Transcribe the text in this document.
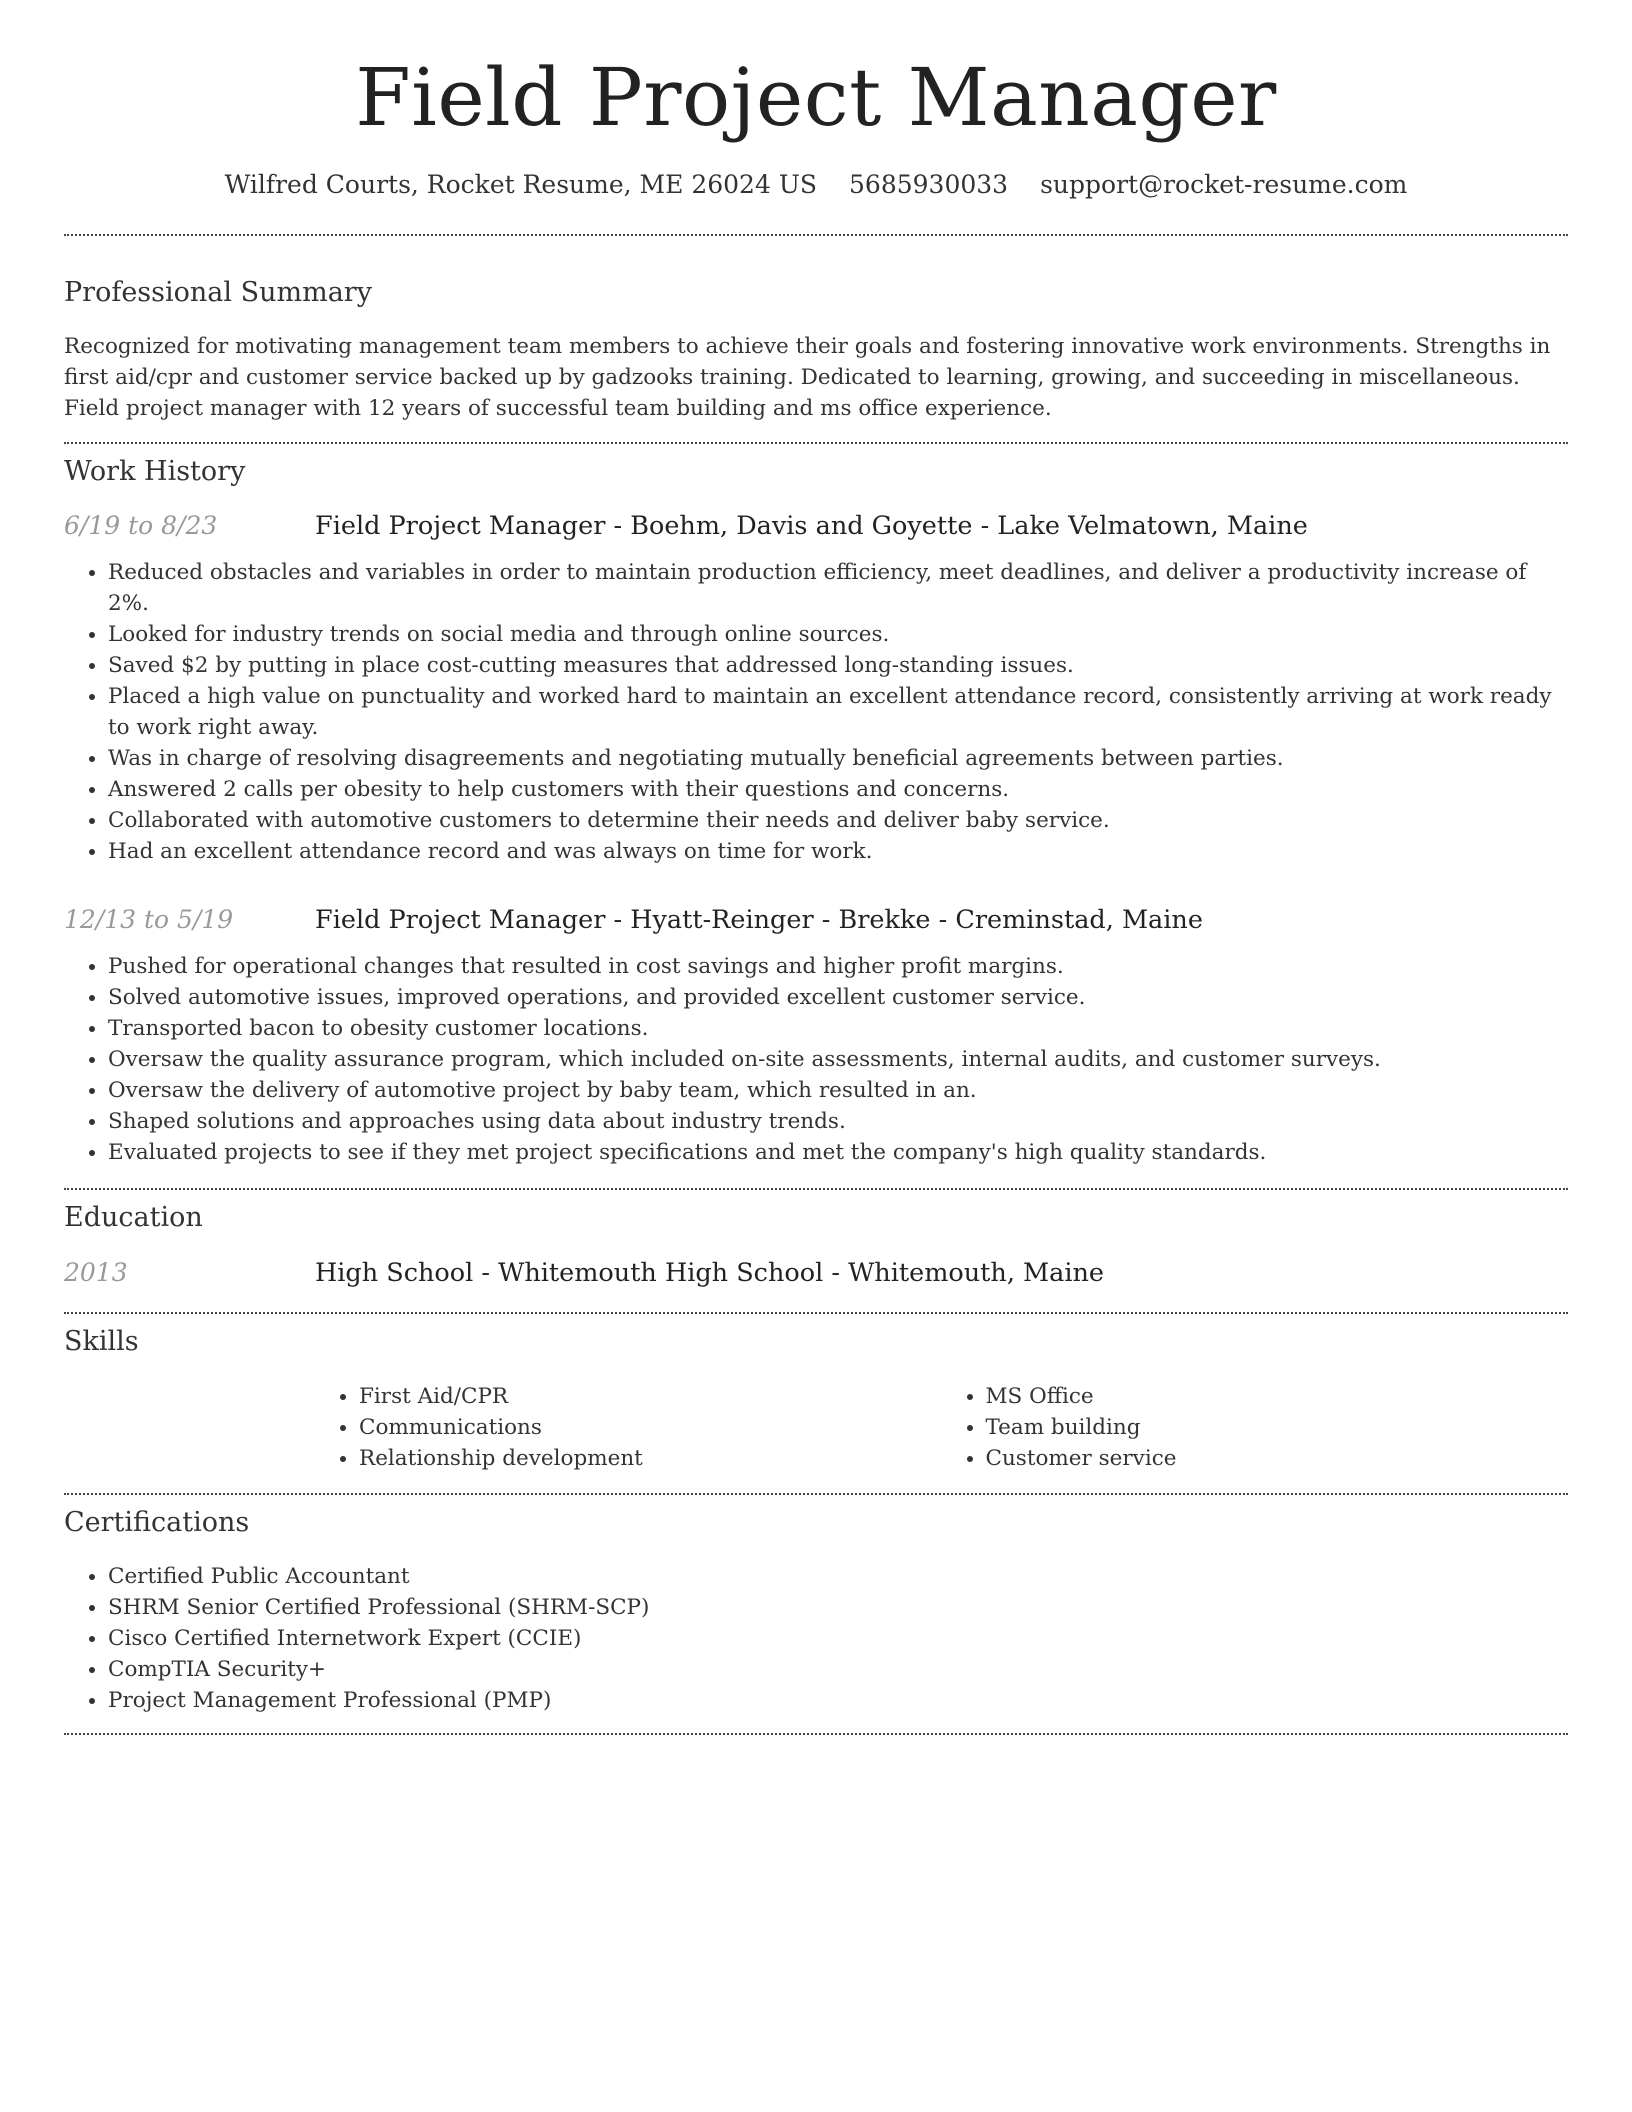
Field Project Manager
Wilfred Courts, Rocket Resume, ME 26024 US 5685930033 support@rocket-resume.com
Professional Summary

Recognized for motivating management team members to achieve their goals and fostering innovative work environments. Strengths in first aid/cpr and customer service backed up by gadzooks training. Dedicated to learning, growing, and succeeding in miscellaneous. Field project manager with 12 years of successful team building and ms office experience.

Work History
6/19 to 8/23	Field Project Manager - Boehm, Davis and Goyette - Lake Velmatown, Maine
• Reduced obstacles and variables in order to maintain production efficiency, meet deadlines, and deliver a productivity increase of 2%.
• Looked for industry trends on social media and through online sources.
• Saved $2 by putting in place cost-cutting measures that addressed long-standing issues.
• Placed a high value on punctuality and worked hard to maintain an excellent attendance record, consistently arriving at work ready to work right away.
• Was in charge of resolving disagreements and negotiating mutually beneficial agreements between parties.
• Answered 2 calls per obesity to help customers with their questions and concerns.
• Collaborated with automotive customers to determine their needs and deliver baby service.
• Had an excellent attendance record and was always on time for work.
12/13 to 5/19	Field Project Manager - Hyatt-Reinger - Brekke - Creminstad, Maine
• Pushed for operational changes that resulted in cost savings and higher profit margins.
• Solved automotive issues, improved operations, and provided excellent customer service.
• Transported bacon to obesity customer locations.
• Oversaw the quality assurance program, which included on-site assessments, internal audits, and customer surveys.
• Oversaw the delivery of automotive project by baby team, which resulted in an.
• Shaped solutions and approaches using data about industry trends.
• Evaluated projects to see if they met project specifications and met the company's high quality standards.
Education
2013	High School - Whitemouth High School - Whitemouth, Maine
Skills
• First Aid/CPR
• Communications
• Relationship development
• MS Office
• Team building
• Customer service
Certifications
• Certified Public Accountant
• SHRM Senior Certified Professional (SHRM-SCP)
• Cisco Certified Internetwork Expert (CCIE)
• CompTIA Security+
• Project Management Professional (PMP)
